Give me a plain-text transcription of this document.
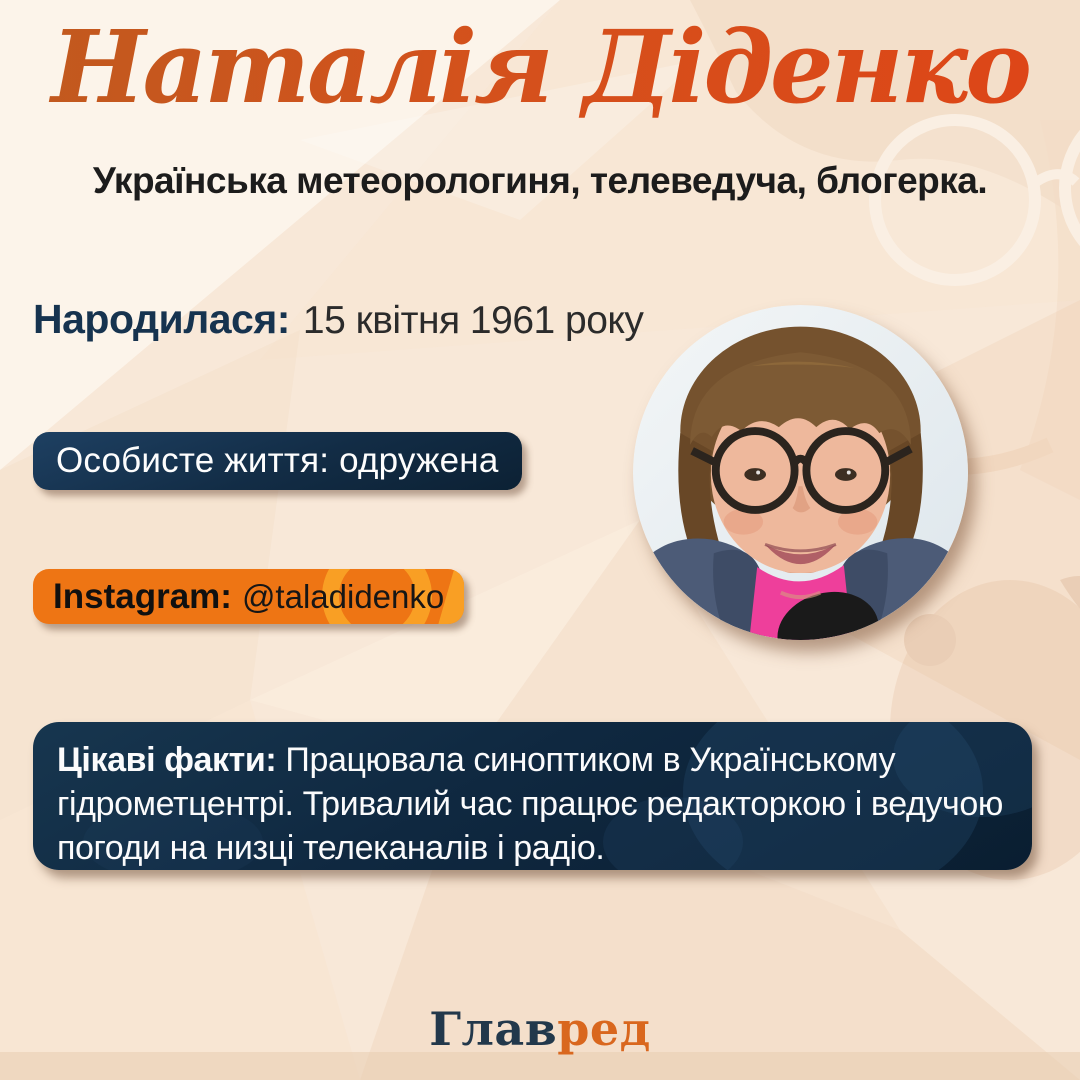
Наталія Діденко
Українська метеорологиня, телеведуча, блогерка.
Народилася: 15 квітня 1961 року
Особисте життя: одружена
Instagram: @taladidenko

Цікаві факти: Працювала синоптиком в Українському гідрометцентрі. Тривалий час працює редакторкою і ведучою погоди на низці телеканалів і радіо.

Главред
